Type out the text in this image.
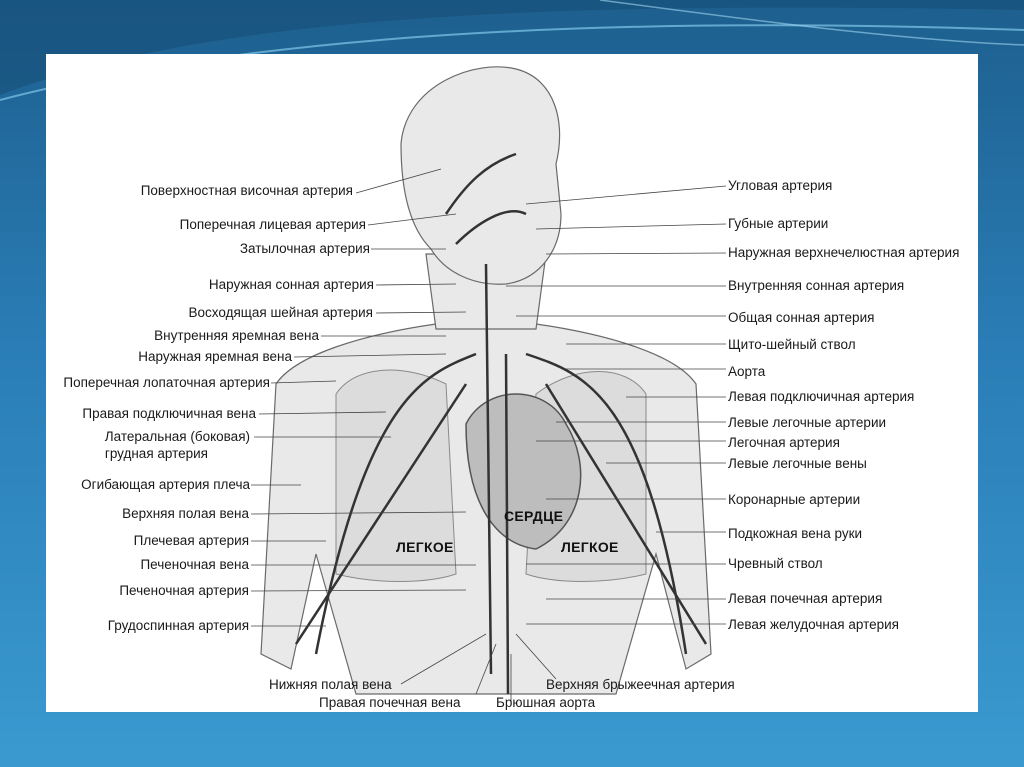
СЕРДЦЕ
ЛЕГКОЕ	ЛЕГКОЕ
Поверхностная височная артерия
Поперечная лицевая артерия
Затылочная артерия
Наружная сонная артерия
Восходящая шейная артерия
Внутренняя яремная вена
Наружная яремная вена
Поперечная лопаточная артерия
Правая подключичная вена
Латеральная (боковая)
грудная артерия
Огибающая артерия плеча
Верхняя полая вена
Плечевая артерия
Печеночная вена
Печеночная артерия
Грудоспинная артерия
Угловая артерия
Губные артерии
Наружная верхнечелюстная артерия
Внутренняя сонная артерия
Общая сонная артерия
Щито-шейный ствол
Аорта
Левая подключичная артерия
Левые легочные артерии
Легочная артерия
Левые легочные вены
Коронарные артерии
Подкожная вена руки
Чревный ствол
Левая почечная артерия
Левая желудочная артерия
Нижняя полая вена
Правая почечная вена	Брюшная аорта
Верхняя брыжеечная артерия
